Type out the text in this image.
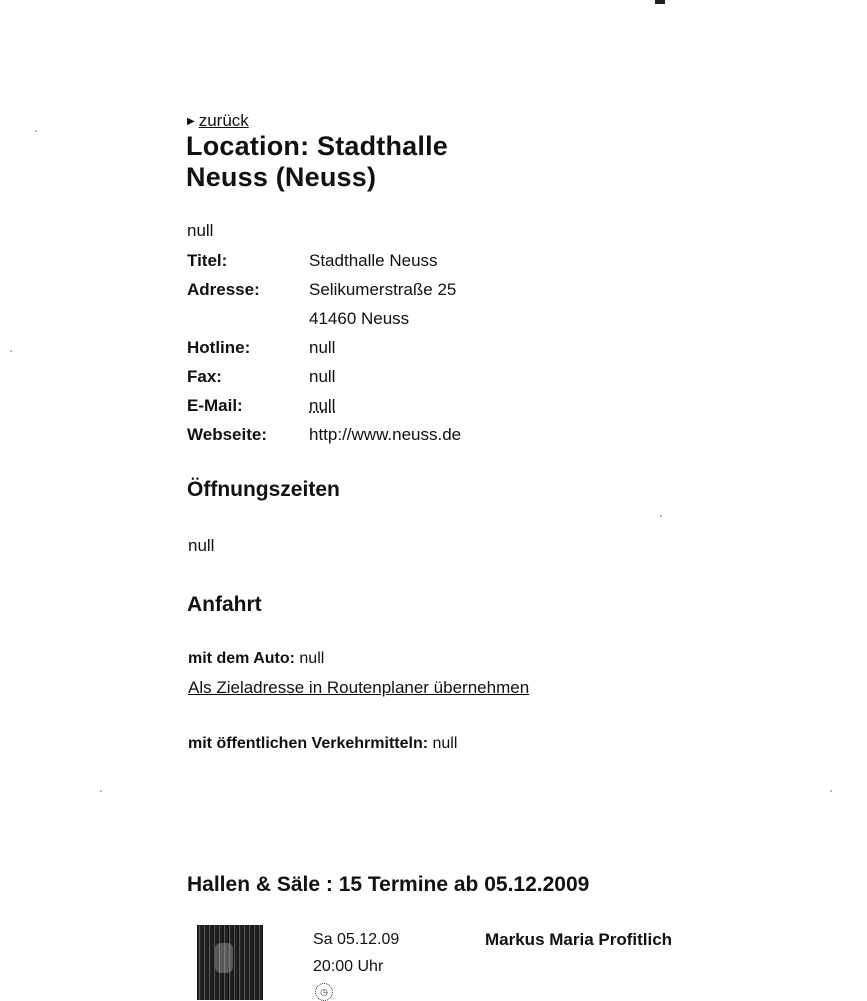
▶ zurück
Location: Stadthalle
Neuss (Neuss)
null
Titel:	Stadthalle Neuss
Adresse:	Selikumerstraße 25
	41460 Neuss
Hotline:	null
Fax:	null
E-Mail:	null
Webseite:	http://www.neuss.de
Öffnungszeiten
null
Anfahrt
mit dem Auto: null
Als Zieladresse in Routenplaner übernehmen
mit öffentlichen Verkehrmitteln: null
Hallen & Säle : 15 Termine ab 05.12.2009
Sa 05.12.09
20:00 Uhr
◷
Markus Maria Profitlich
